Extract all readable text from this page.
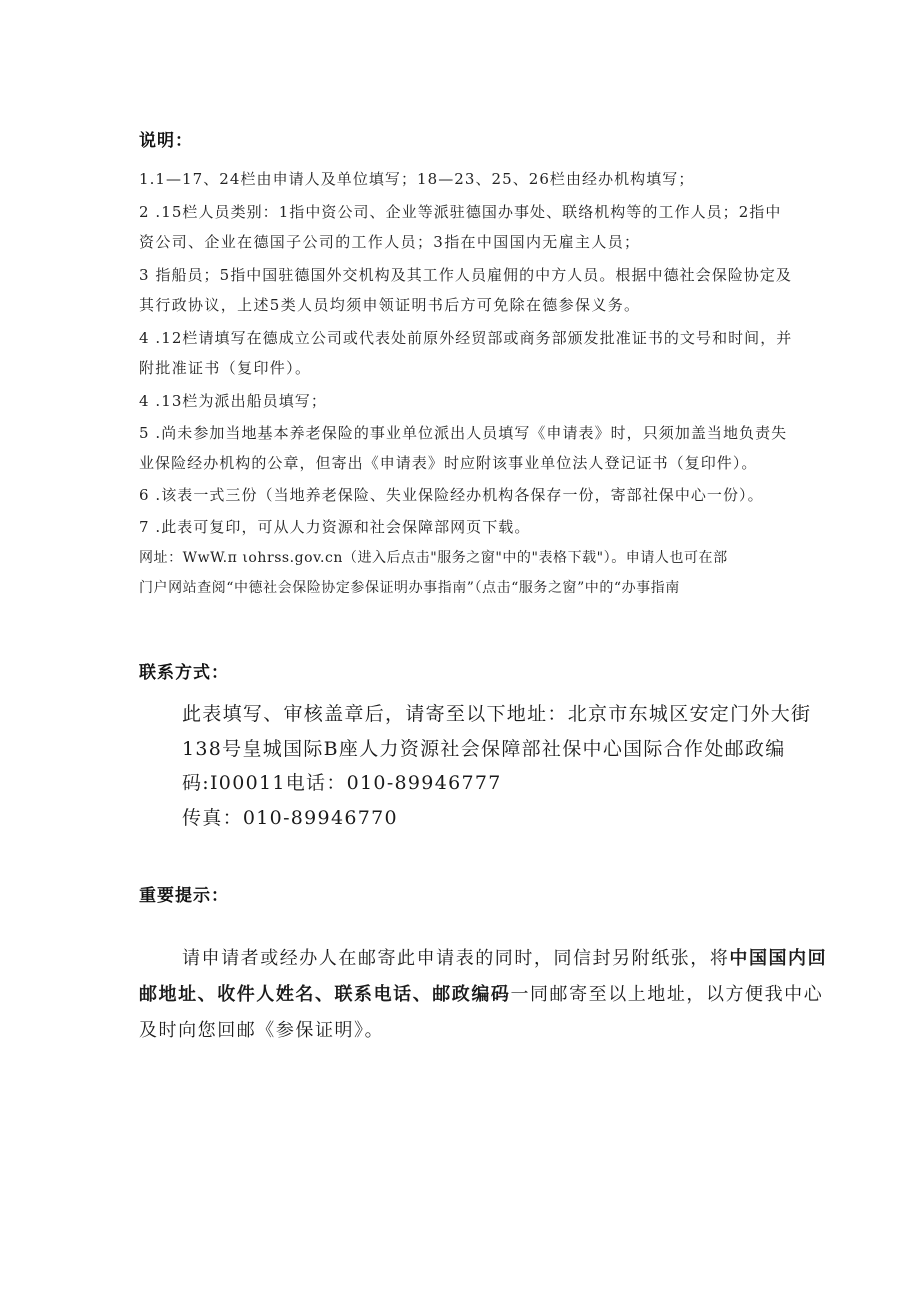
说明：
1.1—17、24栏由申请人及单位填写；18—23、25、26栏由经办机构填写；
2 .15栏人员类别：1指中资公司、企业等派驻德国办事处、联络机构等的工作人员；2指中
资公司、企业在德国子公司的工作人员；3指在中国国内无雇主人员；
3 指船员；5指中国驻德国外交机构及其工作人员雇佣的中方人员。根据中德社会保险协定及
其行政协议，上述5类人员均须申领证明书后方可免除在德参保义务。
4 .12栏请填写在德成立公司或代表处前原外经贸部或商务部颁发批准证书的文号和时间，并
附批准证书（复印件）。
4 .13栏为派出船员填写；
5 .尚未参加当地基本养老保险的事业单位派出人员填写《申请表》时，只须加盖当地负责失
业保险经办机构的公章，但寄出《申请表》时应附该事业单位法人登记证书（复印件）。
6 .该表一式三份（当地养老保险、失业保险经办机构各保存一份，寄部社保中心一份）。
7 .此表可复印，可从人力资源和社会保障部网页下载。
网址：WwW.π ιohrss.gov.cn（进入后点击"服务之窗"中的"表格下载"）。申请人也可在部
门户网站查阅“中德社会保险协定参保证明办事指南”（点击“服务之窗”中的“办事指南
联系方式：
此表填写、审核盖章后，请寄至以下地址：北京市东城区安定门外大街
138号皇城国际B座人力资源社会保障部社保中心国际合作处邮政编
码:I00011电话：010-89946777
传真：010-89946770
重要提示：
请申请者或经办人在邮寄此申请表的同时，同信封另附纸张，将中国国内回
邮地址、收件人姓名、联系电话、邮政编码一同邮寄至以上地址，以方便我中心
及时向您回邮《参保证明》。
